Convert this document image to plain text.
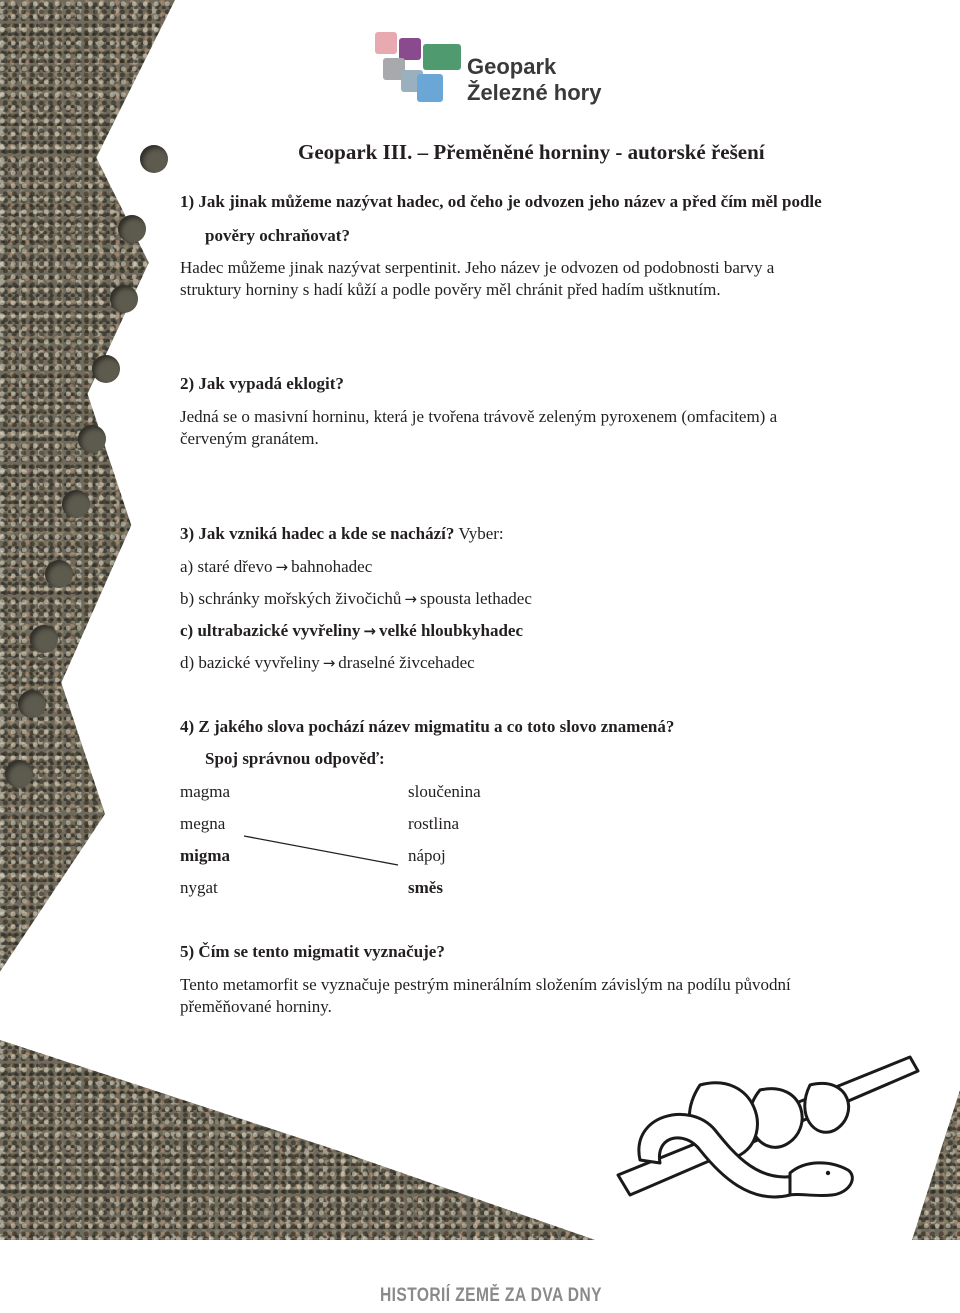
Geopark
Železné hory
Geopark III. – Přeměněné horniny - autorské řešení
1) Jak jinak můžeme nazývat hadec, od čeho je odvozen jeho název a před čím měl podle
pověry ochraňovat?
Hadec můžeme jinak nazývat serpentinit. Jeho název je odvozen od podobnosti barvy a
struktury horniny s hadí kůží a podle pověry měl chránit před hadím uštknutím.
2) Jak vypadá eklogit?
Jedná se o masivní horninu, která je tvořena trávově zeleným pyroxenem (omfacitem) a
červeným granátem.
3) Jak vzniká hadec a kde se nachází? Vyber:
a) staré dřevo → bahnohadec
b) schránky mořských živočichů → spousta lethadec
c) ultrabazické vyvřeliny → velké hloubkyhadec
d) bazické vyvřeliny → draselné živcehadec
4) Z jakého slova pochází název migmatitu a co toto slovo znamená?
Spoj správnou odpověď:
magma
megna
migma
nygat
sloučenina
rostlina
nápoj
směs
5) Čím se tento migmatit vyznačuje?
Tento metamorfit se vyznačuje pestrým minerálním složením závislým na podílu původní
přeměňované horniny.
HISTORIÍ ZEMĚ ZA DVA DNY
